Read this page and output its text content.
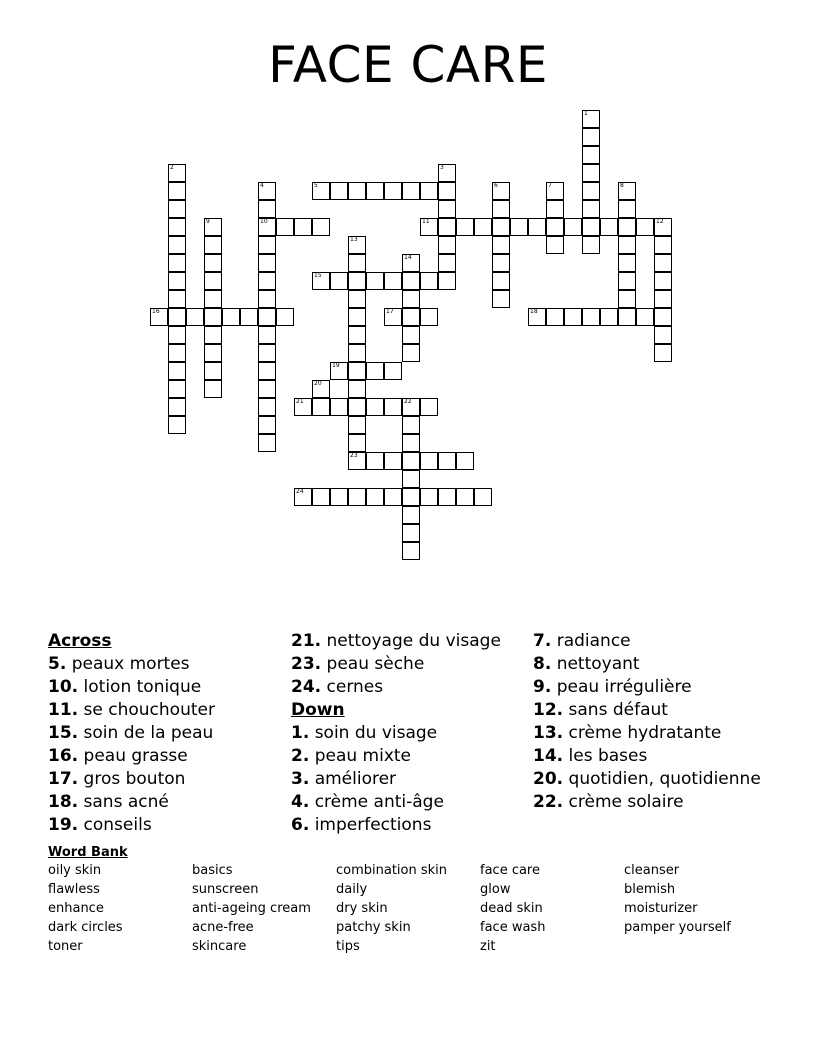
FACE CARE
1
2	3
4
10
5	6	7	8
9	11	12
13
23
14
15
16	17	18
19
20
21	22
24
Across
5. peaux mortes
10. lotion tonique
11. se chouchouter
15. soin de la peau
16. peau grasse
17. gros bouton
18. sans acné
19. conseils
21. nettoyage du visage
23. peau sèche
24. cernes
Down
1. soin du visage
2. peau mixte
3. améliorer
4. crème anti-âge
6. imperfections
7. radiance
8. nettoyant
9. peau irrégulière
12. sans défaut
13. crème hydratante
14. les bases
20. quotidien, quotidienne
22. crème solaire
Word Bank
oily skin
flawless
enhance
dark circles
toner
basics
sunscreen
anti-ageing cream
acne-free
skincare
combination skin
daily
dry skin
patchy skin
tips
face care
glow
dead skin
face wash
zit
cleanser
blemish
moisturizer
pamper yourself
